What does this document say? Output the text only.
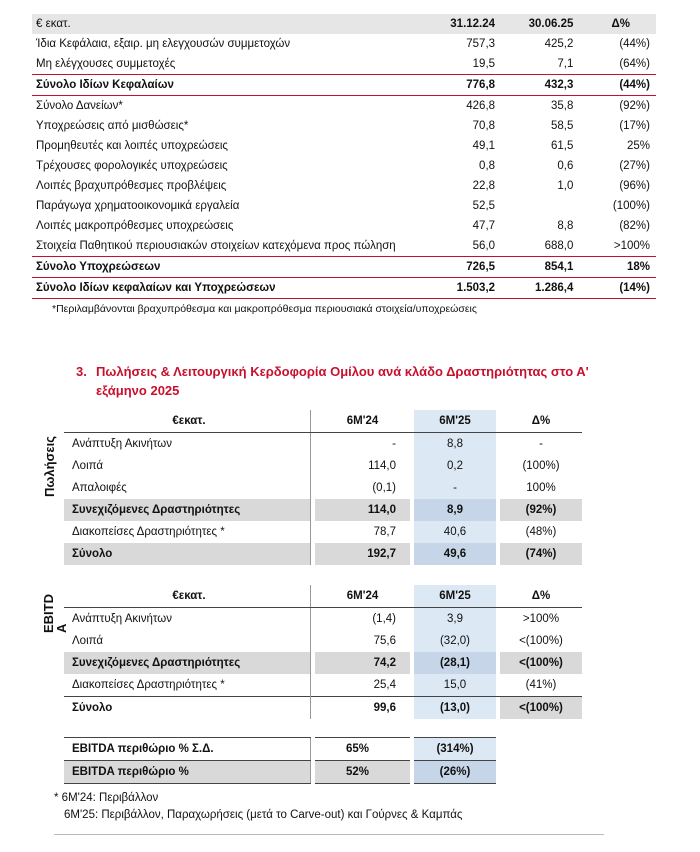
€ εκατ.	31.12.24	30.06.25	Δ%
Ίδια Κεφάλαια, εξαιρ. μη ελεγχουσών συμμετοχών	757,3	425,2	(44%)
Μη ελέγχουσες συμμετοχές	19,5	7,1	(64%)
Σύνολο Ιδίων Κεφαλαίων	776,8	432,3	(44%)
Σύνολο Δανείων*	426,8	35,8	(92%)
Υποχρεώσεις από μισθώσεις*	70,8	58,5	(17%)
Προμηθευτές και λοιπές υποχρεώσεις	49,1	61,5	25%
Τρέχουσες φορολογικές υποχρεώσεις	0,8	0,6	(27%)
Λοιπές βραχυπρόθεσμες προβλέψεις	22,8	1,0	(96%)
Παράγωγα χρηματοοικονομικά εργαλεία	52,5		(100%)
Λοιπές μακροπρόθεσμες υποχρεώσεις	47,7	8,8	(82%)
Στοιχεία Παθητικού περιουσιακών στοιχείων κατεχόμενα προς πώληση	56,0	688,0	>100%
Σύνολο Υποχρεώσεων	726,5	854,1	18%
Σύνολο Ιδίων κεφαλαίων και Υποχρεώσεων	1.503,2	1.286,4	(14%)
*Περιλαμβάνονται βραχυπρόθεσμα και μακροπρόθεσμα περιουσιακά στοιχεία/υποχρεώσεις
3. Πωλήσεις & Λειτουργική Κερδοφορία Ομίλου ανά κλάδο Δραστηριότητας στο Α' εξάμηνο 2025
Πωλήσεις
€εκατ.		6Μ'24		6Μ'25		Δ%
Ανάπτυξη Ακινήτων		-		8,8		-
Λοιπά		114,0		0,2		(100%)
Απαλοιφές		(0,1)		-		100%
Συνεχιζόμενες Δραστηριότητες		114,0		8,9		(92%)
Διακοπείσες Δραστηριότητες *		78,7		40,6		(48%)
Σύνολο		192,7		49,6		(74%)
EBITD
A
€εκατ.		6Μ'24		6Μ'25		Δ%
Ανάπτυξη Ακινήτων		(1,4)		3,9		>100%
Λοιπά		75,6		(32,0)		<(100%)
Συνεχιζόμενες Δραστηριότητες		74,2		(28,1)		<(100%)
Διακοπείσες Δραστηριότητες *		25,4		15,0		(41%)
Σύνολο		99,6		(13,0)		<(100%)
EBITDA περιθώριο % Σ.Δ.		65%		(314%)
EBITDA περιθώριο %		52%		(26%)
* 6Μ'24: Περιβάλλον
6Μ'25: Περιβάλλον, Παραχωρήσεις (μετά το Carve-out) και Γούρνες & Καμπάς
